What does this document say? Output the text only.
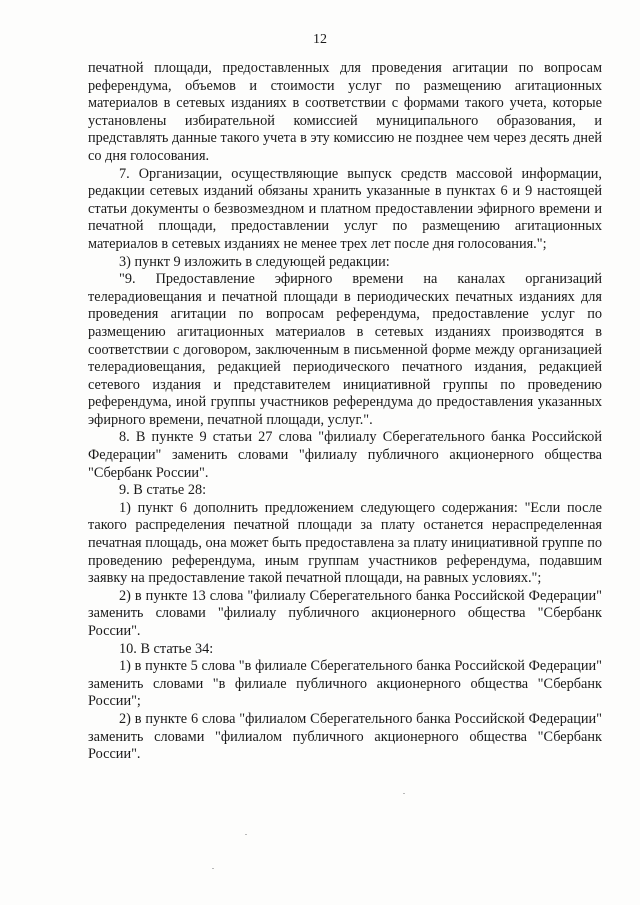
12

печатной площади, предоставленных для проведения агитации по вопросам референдума, объемов и стоимости услуг по размещению агитационных материалов в сетевых изданиях в соответствии с формами такого учета, которые установлены избирательной комиссией муниципального образования, и представлять данные такого учета в эту комиссию не позднее чем через десять дней со дня голосования.

7. Организации, осуществляющие выпуск средств массовой информации, редакции сетевых изданий обязаны хранить указанные в пунктах 6 и 9 настоящей статьи документы о безвозмездном и платном предоставлении эфирного времени и печатной площади, предоставлении услуг по размещению агитационных материалов в сетевых изданиях не менее трех лет после дня голосования.";

3) пункт 9 изложить в следующей редакции:

"9. Предоставление эфирного времени на каналах организаций телерадиовещания и печатной площади в периодических печатных изданиях для проведения агитации по вопросам референдума, предоставление услуг по размещению агитационных материалов в сетевых изданиях производятся в соответствии с договором, заключенным в письменной форме между организацией телерадиовещания, редакцией периодического печатного издания, редакцией сетевого издания и представителем инициативной группы по проведению референдума, иной группы участников референдума до предоставления указанных эфирного времени, печатной площади, услуг.".

8. В пункте 9 статьи 27 слова "филиалу Сберегательного банка Российской Федерации" заменить словами "филиалу публичного акционерного общества "Сбербанк России".

9. В статье 28:

1) пункт 6 дополнить предложением следующего содержания: "Если после такого распределения печатной площади за плату останется нераспределенная печатная площадь, она может быть предоставлена за плату инициативной группе по проведению референдума, иным группам участников референдума, подавшим заявку на предоставление такой печатной площади, на равных условиях.";

2) в пункте 13 слова "филиалу Сберегательного банка Российской Федерации" заменить словами "филиалу публичного акционерного общества "Сбербанк России".

10. В статье 34:

1) в пункте 5 слова "в филиале Сберегательного банка Российской Федерации" заменить словами "в филиале публичного акционерного общества "Сбербанк России";

2) в пункте 6 слова "филиалом Сберегательного банка Российской Федерации" заменить словами "филиалом публичного акционерного общества "Сбербанк России".
